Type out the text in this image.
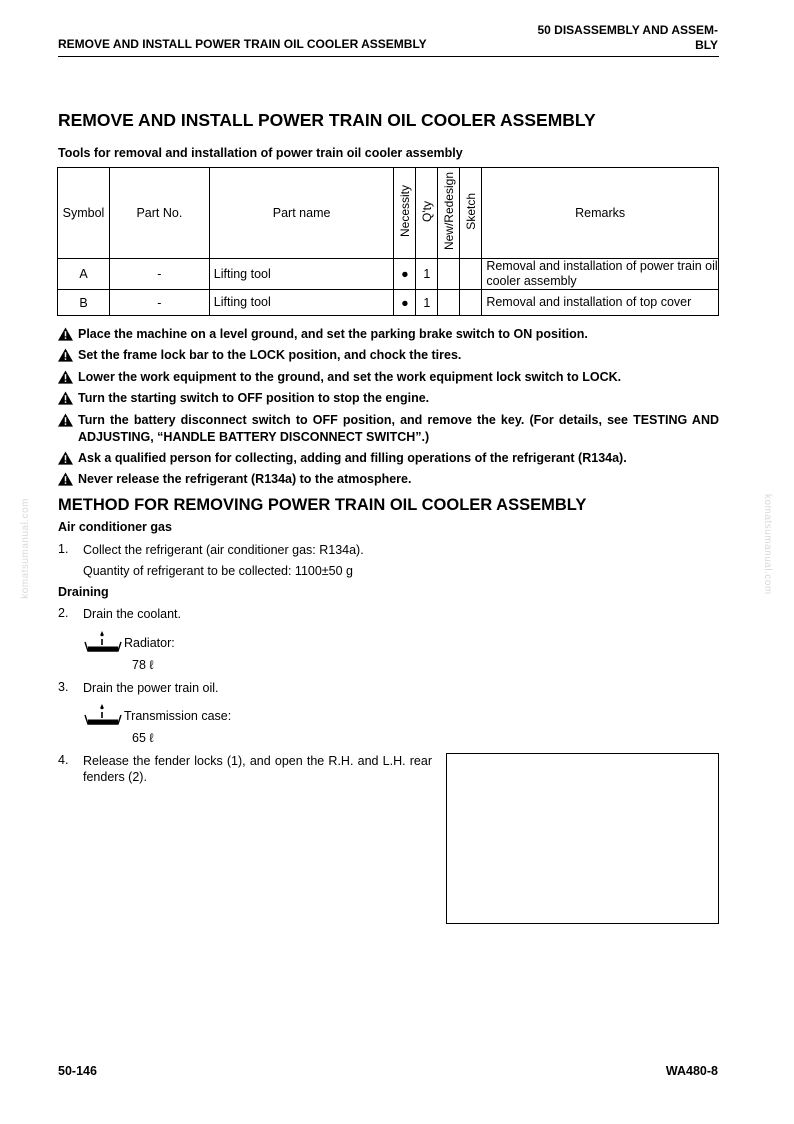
REMOVE AND INSTALL POWER TRAIN OIL COOLER ASSEMBLY
50 DISASSEMBLY AND ASSEM-
BLY
REMOVE AND INSTALL POWER TRAIN OIL COOLER ASSEMBLY
Tools for removal and installation of power train oil cooler assembly
Symbol	Part No.	Part name	Necessity	Q'ty	New/Redesign	Sketch	Remarks
A	-	Lifting tool	●	1			Removal and installation of power train oil cooler assembly
B	-	Lifting tool	●	1			Removal and installation of top cover
Place the machine on a level ground, and set the parking brake switch to ON position.
Set the frame lock bar to the LOCK position, and chock the tires.
Lower the work equipment to the ground, and set the work equipment lock switch to LOCK.
Turn the starting switch to OFF position to stop the engine.
Turn the battery disconnect switch to OFF position, and remove the key. (For details, see TESTING AND ADJUSTING, “HANDLE BATTERY DISCONNECT SWITCH”.)
Ask a qualified person for collecting, adding and filling operations of the refrigerant (R134a).
Never release the refrigerant (R134a) to the atmosphere.
komatsumanual.com	komatsumanual.com
METHOD FOR REMOVING POWER TRAIN OIL COOLER ASSEMBLY
Air conditioner gas
1. Collect the refrigerant (air conditioner gas: R134a).
Quantity of refrigerant to be collected: 1100±50 g
Draining
2. Drain the coolant.
Radiator:
78 ℓ
3. Drain the power train oil.
Transmission case:
65 ℓ
4. Release the fender locks (1), and open the R.H. and L.H. rear fenders (2).
50-146	WA480-8
